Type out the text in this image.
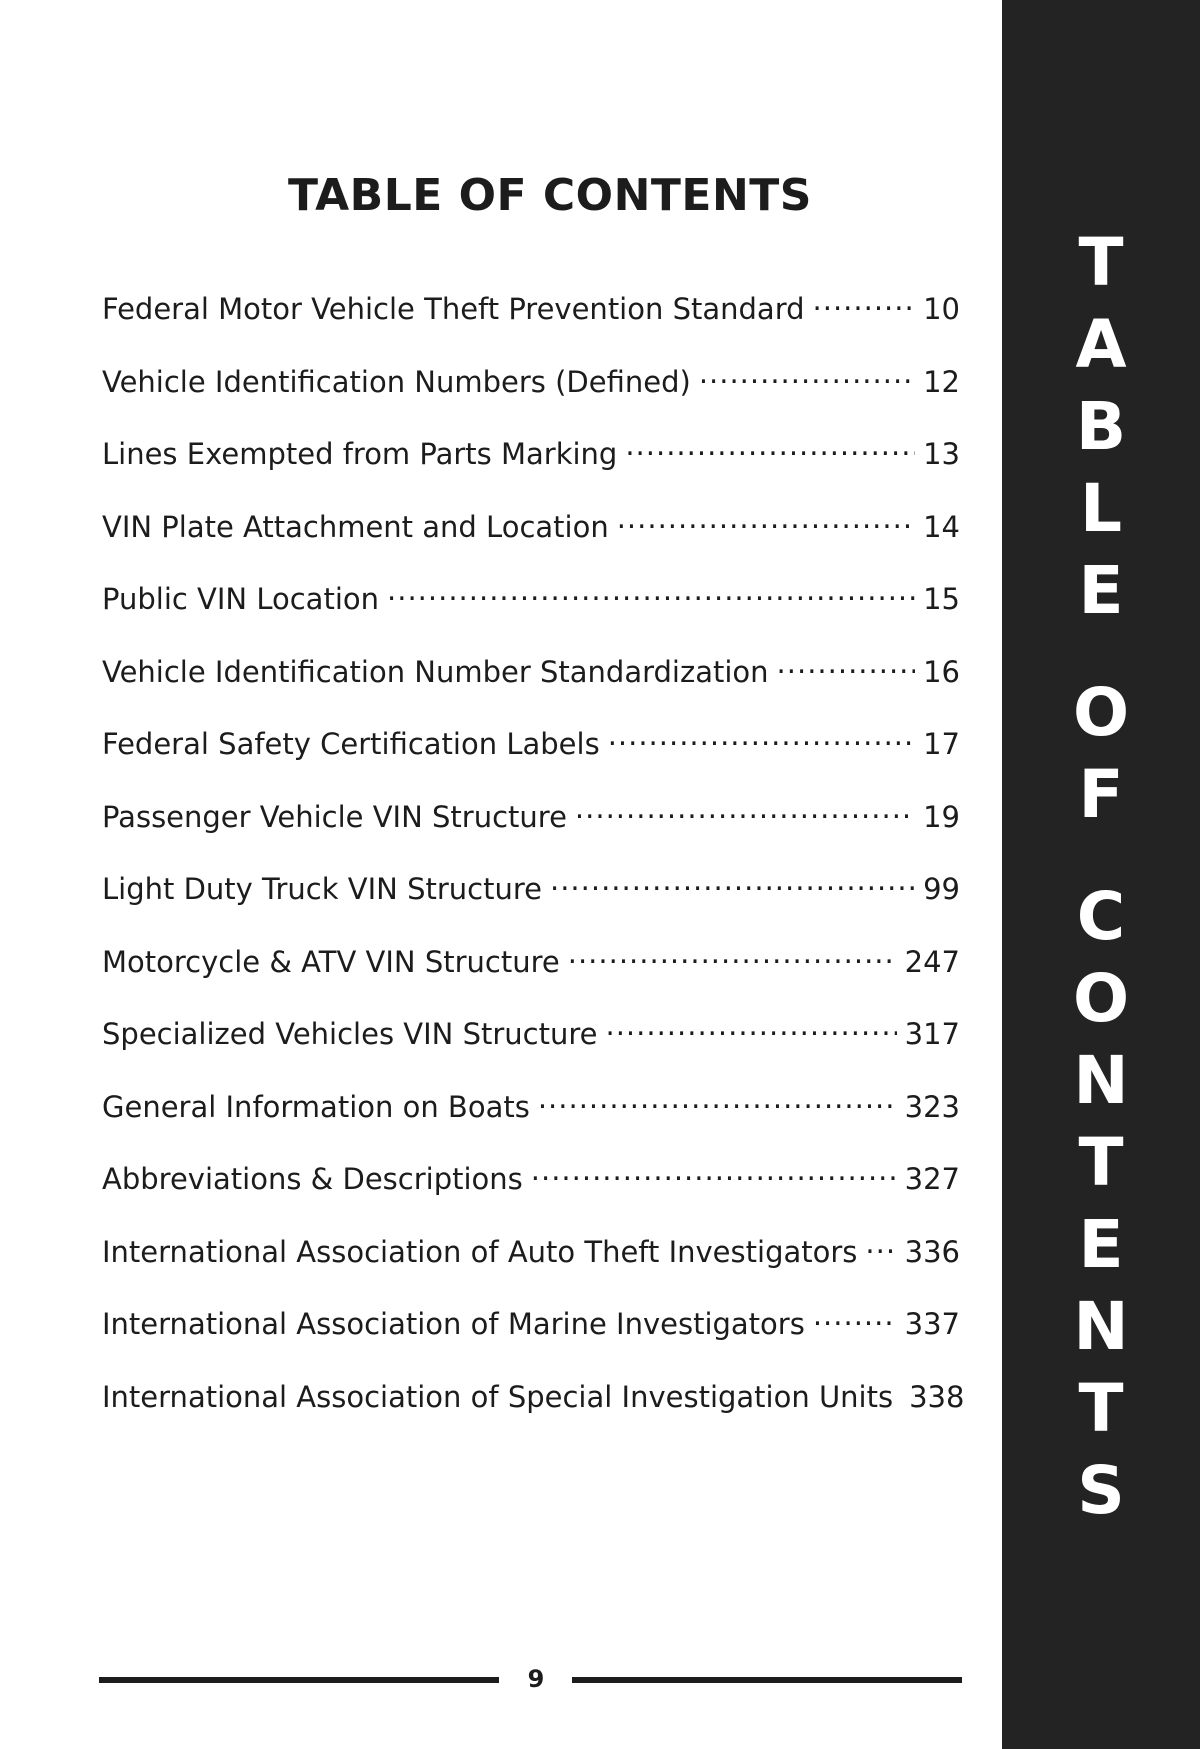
TABLE OF CONTENTS
Federal Motor Vehicle Theft Prevention Standard .....	10
Vehicle Identification Numbers (Defined) .....	12
Lines Exempted from Parts Marking .....	13
VIN Plate Attachment and Location .....	14
Public VIN Location .....	15
Vehicle Identification Number Standardization .....	16
Federal Safety Certification Labels .....	17
Passenger Vehicle VIN Structure .....	19
Light Duty Truck VIN Structure .....	99
Motorcycle & ATV VIN Structure .....	247
Specialized Vehicles VIN Structure .....	317
General Information on Boats .....	323
Abbreviations & Descriptions .....	327
International Association of Auto Theft Investigators ..... 336
International Association of Marine Investigators .....	337
International Association of Special Investigation Units 338
9
T
A
B
L
E
O
F
C
O
N
T
E
N
T
S
